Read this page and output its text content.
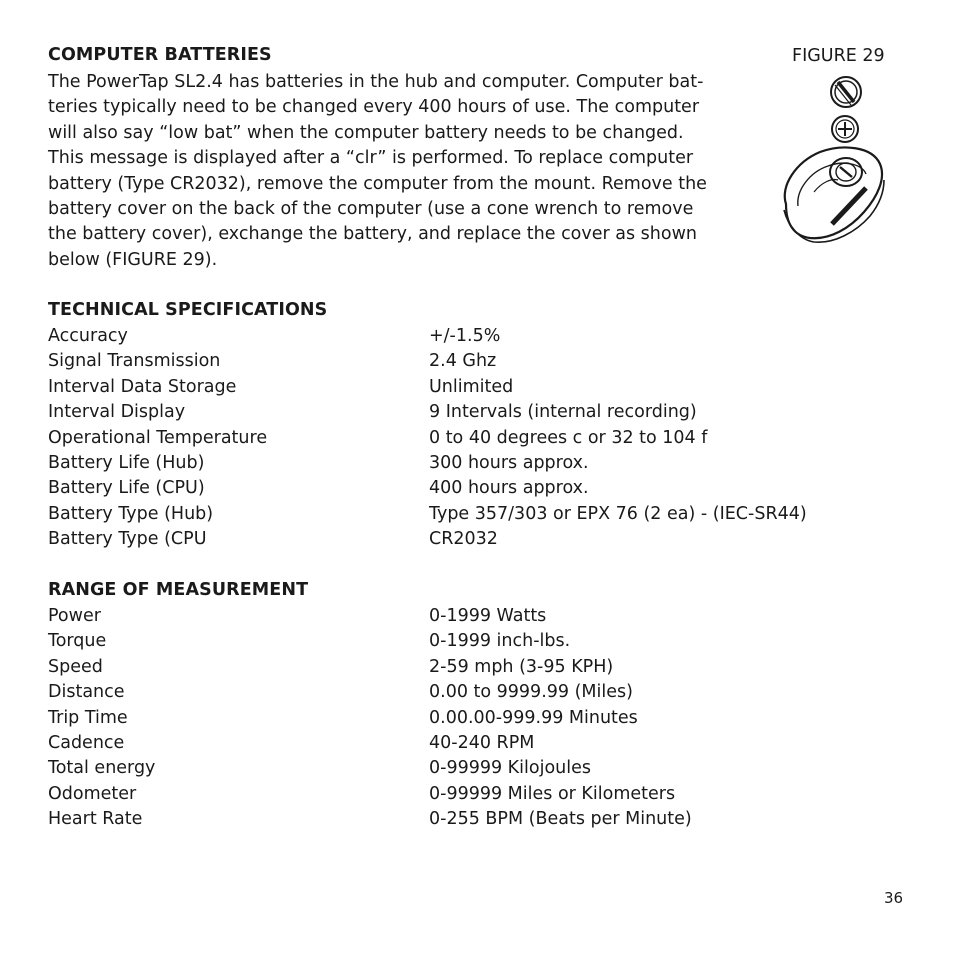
COMPUTER BATTERIES	FIGURE 29
The PowerTap SL2.4 has batteries in the hub and computer. Computer bat-
teries typically need to be changed every 400 hours of use. The computer
will also say “low bat” when the computer battery needs to be changed.
This message is displayed after a “clr” is performed. To replace computer
battery (Type CR2032), remove the computer from the mount. Remove the
battery cover on the back of the computer (use a cone wrench to remove
the battery cover), exchange the battery, and replace the cover as shown
below (FIGURE 29).
TECHNICAL SPECIFICATIONS
Accuracy	+/-1.5%
Signal Transmission	2.4 Ghz
Interval Data Storage	Unlimited
Interval Display	9 Intervals (internal recording)
Operational Temperature	0 to 40 degrees c or 32 to 104 f
Battery Life (Hub)	300 hours approx.
Battery Life (CPU)	400 hours approx.
Battery Type (Hub)	Type 357/303 or EPX 76 (2 ea) - (IEC-SR44)
Battery Type (CPU	CR2032
RANGE OF MEASUREMENT
Power	0-1999 Watts
Torque	0-1999 inch-lbs.
Speed	2-59 mph (3-95 KPH)
Distance	0.00 to 9999.99 (Miles)
Trip Time	0.00.00-999.99 Minutes
Cadence	40-240 RPM
Total energy	0-99999 Kilojoules
Odometer	0-99999 Miles or Kilometers
Heart Rate	0-255 BPM (Beats per Minute)
36
